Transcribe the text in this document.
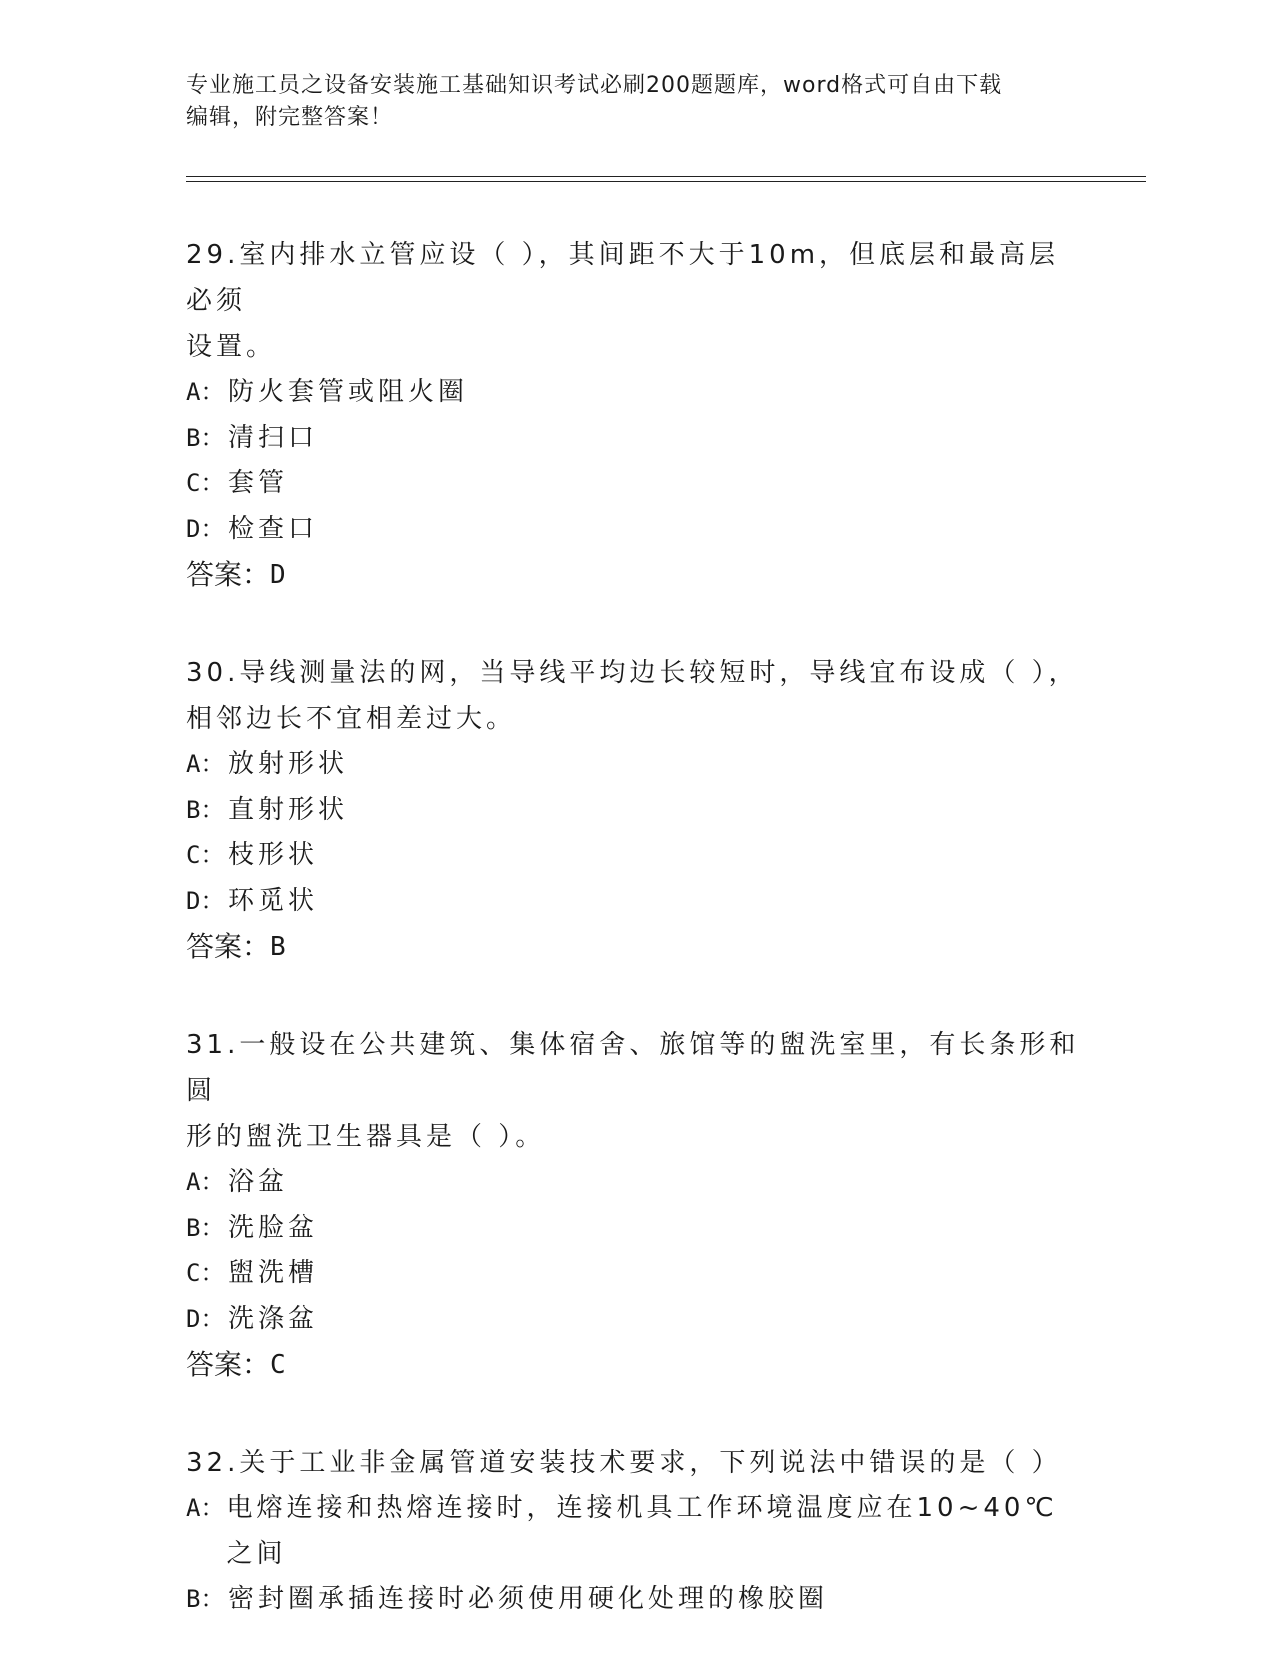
专业施工员之设备安装施工基础知识考试必刷200题题库，word格式可自由下载
编辑，附完整答案！

29.室内排水立管应设（ ），其间距不大于10m，但底层和最高层必须

设置。

A： 防火套管或阻火圈

B： 清扫口

C： 套管

D： 检查口

答案： D

30.导线测量法的网，当导线平均边长较短时，导线宜布设成（ ），

相邻边长不宜相差过大。

A： 放射形状

B： 直射形状

C： 枝形状

D： 环觅状

答案： B

31.一般设在公共建筑、集体宿舍、旅馆等的盥洗室里，有长条形和圆

形的盥洗卫生器具是（ ）。

A： 浴盆

B： 洗脸盆

C： 盥洗槽

D： 洗涤盆

答案： C

32.关于工业非金属管道安装技术要求，下列说法中错误的是（ ）

A： 电熔连接和热熔连接时，连接机具工作环境温度应在10~40℃之间

B： 密封圈承插连接时必须使用硬化处理的橡胶圈
